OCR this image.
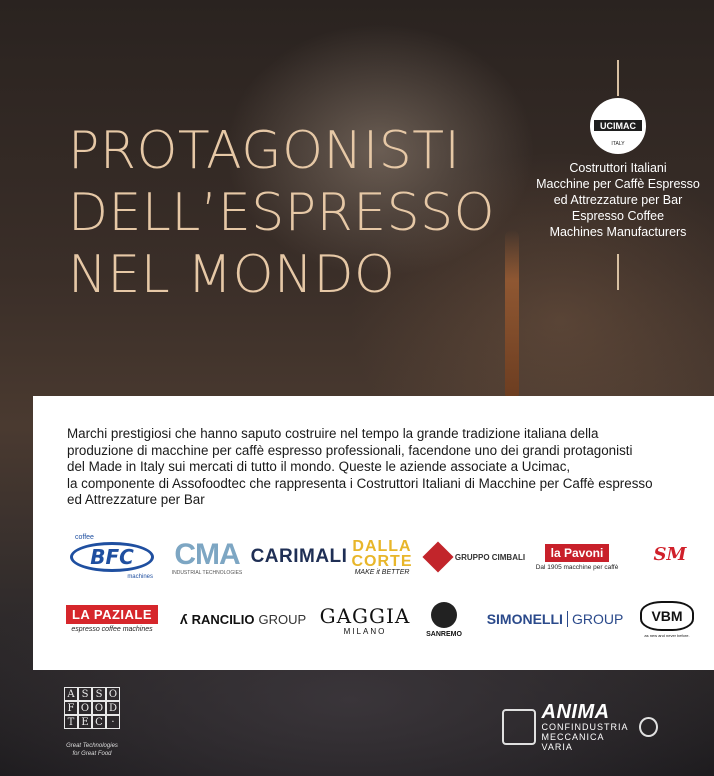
PROTAGONISTI
DELL’ESPRESSO
NEL MONDO
UCIMAC
ITALY
Costruttori Italiani
Macchine per Caffè Espresso
ed Attrezzature per Bar
Espresso Coffee
Machines Manufacturers
Marchi prestigiosi che hanno saputo costruire nel tempo la grande tradizione italiana della
produzione di macchine per caffè espresso professionali, facendone uno dei grandi protagonisti
del Made in Italy sui mercati di tutto il mondo. Queste le aziende associate a Ucimac,
la componente di Assofoodtec che rappresenta i Costruttori Italiani di Macchine per Caffè espresso
ed Attrezzature per Bar
coffee
BFC
machines
CMA
INDUSTRIAL TECHNOLOGIES
CARIMALI DALLA
CORTE
MAKE it BETTER
GRUPPO CIMBALI	la Pavoni
Dal 1905 macchine per caffè
SM
LA PAZIALE
espresso coffee machines
ʎ RANCILIO GROUP GAGGIA
MILANO	SANREMO
SIMONELLI GROUP VBM
as new and never before.
A S S O
F O O D
T E C ·
Great Technologies
for Great Food
ANIMA
CONFINDUSTRIA
MECCANICA VARIA
